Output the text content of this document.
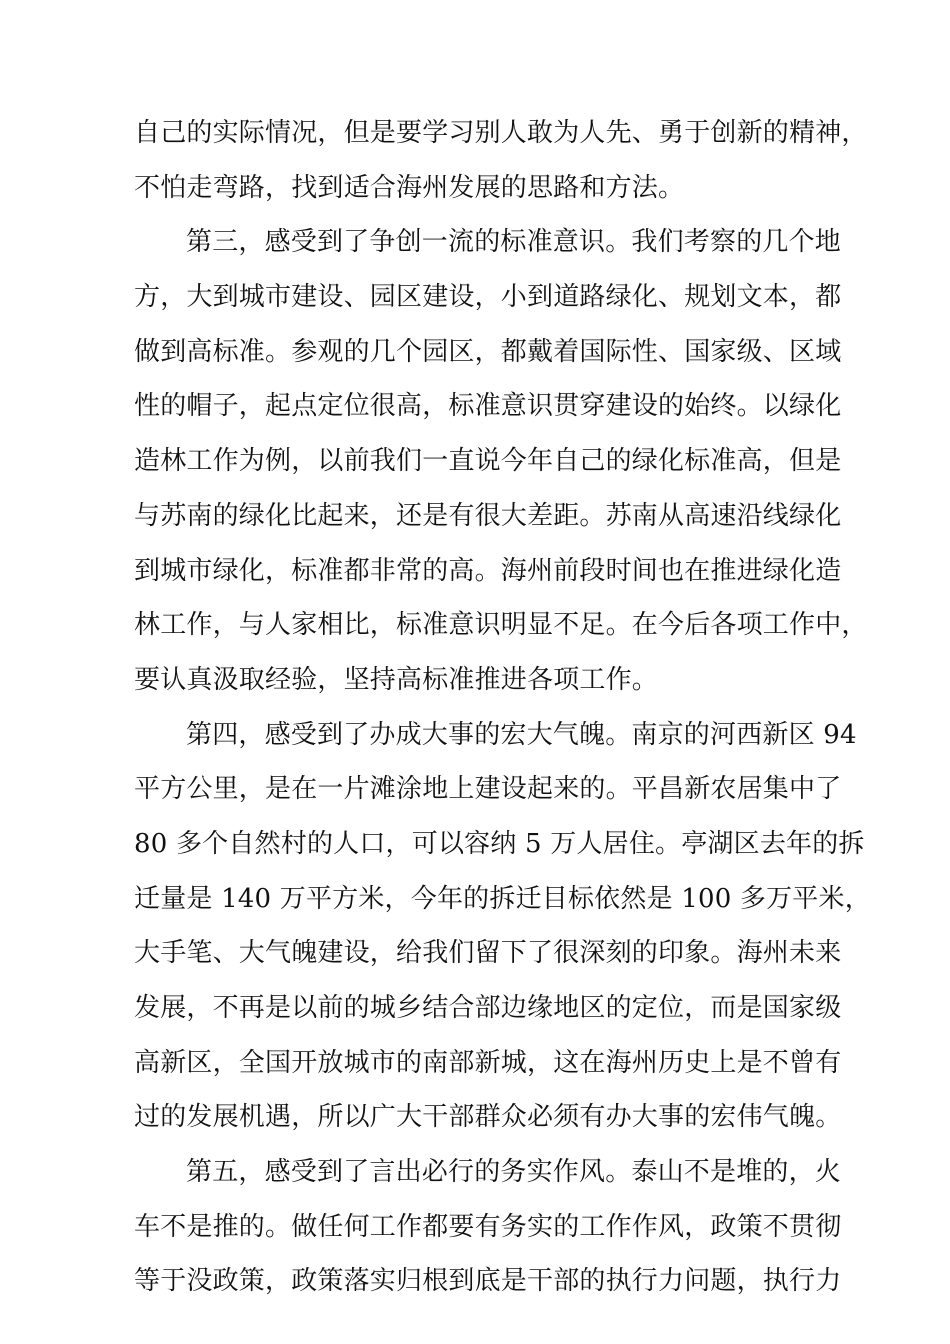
自己的实际情况，但是要学习别人敢为人先、勇于创新的精神，
不怕走弯路，找到适合海州发展的思路和方法。
第三，感受到了争创一流的标准意识。我们考察的几个地
方，大到城市建设、园区建设，小到道路绿化、规划文本，都
做到高标准。参观的几个园区，都戴着国际性、国家级、区域
性的帽子，起点定位很高，标准意识贯穿建设的始终。以绿化
造林工作为例，以前我们一直说今年自己的绿化标准高，但是
与苏南的绿化比起来，还是有很大差距。苏南从高速沿线绿化
到城市绿化，标准都非常的高。海州前段时间也在推进绿化造
林工作，与人家相比，标准意识明显不足。在今后各项工作中，
要认真汲取经验，坚持高标准推进各项工作。
第四，感受到了办成大事的宏大气魄。南京的河西新区 94
平方公里，是在一片滩涂地上建设起来的。平昌新农居集中了
80 多个自然村的人口，可以容纳 5 万人居住。亭湖区去年的拆
迁量是 140 万平方米，今年的拆迁目标依然是 100 多万平米，
大手笔、大气魄建设，给我们留下了很深刻的印象。海州未来
发展，不再是以前的城乡结合部边缘地区的定位，而是国家级
高新区，全国开放城市的南部新城，这在海州历史上是不曾有
过的发展机遇，所以广大干部群众必须有办大事的宏伟气魄。
第五，感受到了言出必行的务实作风。泰山不是堆的，火
车不是推的。做任何工作都要有务实的工作作风，政策不贯彻
等于没政策，政策落实归根到底是干部的执行力问题，执行力
